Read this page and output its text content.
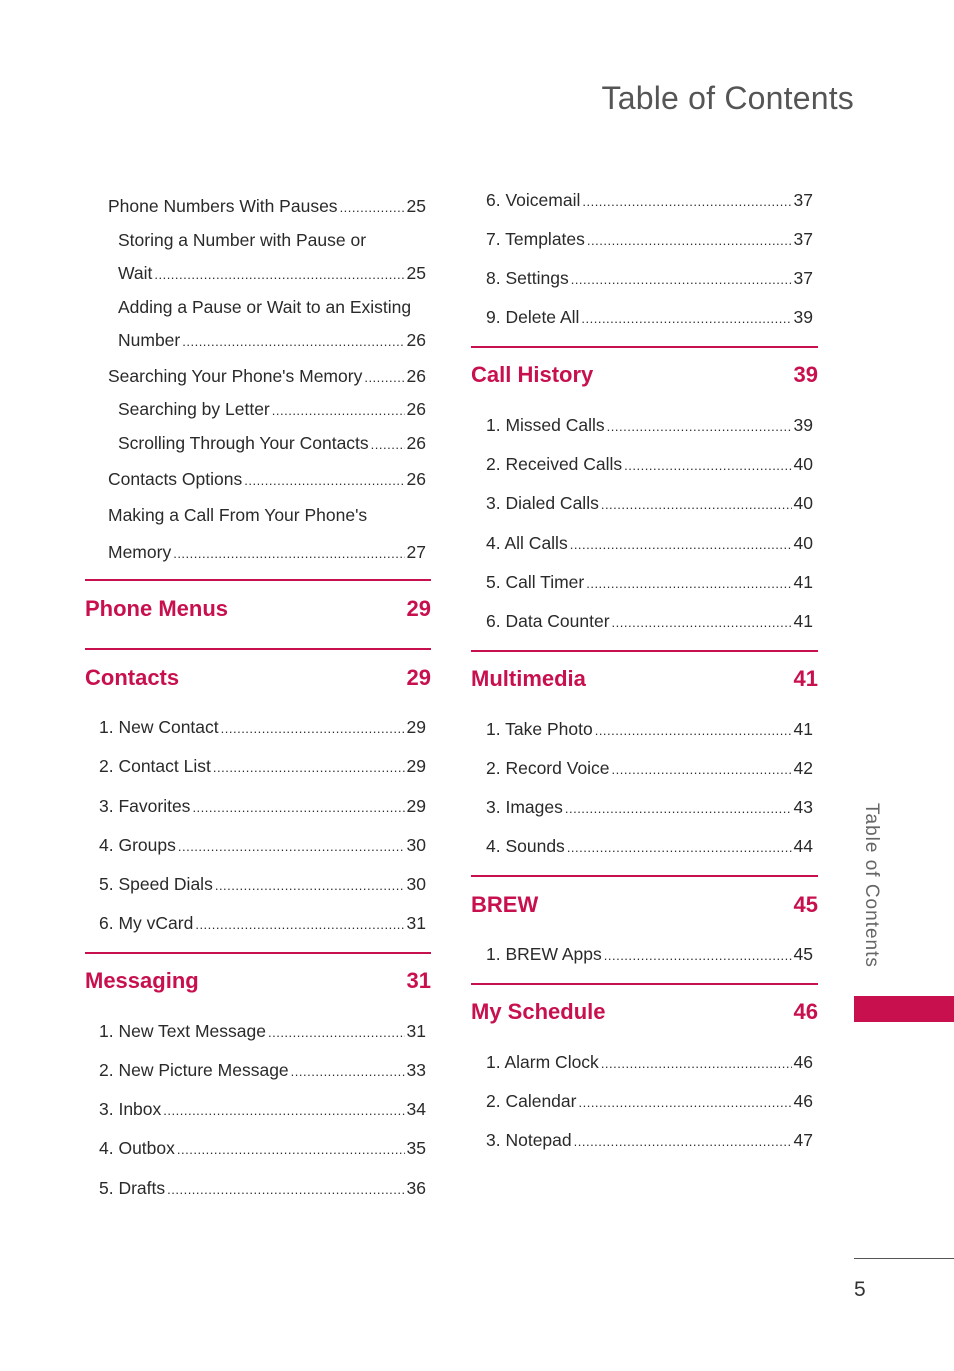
Table of Contents
Phone Numbers With Pauses .....	25
Storing a Number with Pause or
Wait .....	25
Adding a Pause or Wait to an Existing
Number .....	26
Searching Your Phone's Memory .....	26
Searching by Letter .....	26
Scrolling Through Your Contacts ..... 26
Contacts Options .....	26
Making a Call From Your Phone's
Memory .....	27
Phone Menus	29
Contacts	29
1. New Contact .....	29
2. Contact List .....	29
3. Favorites .....	29
4. Groups .....	30
5. Speed Dials .....	30
6. My vCard .....	31
Messaging	31
1. New Text Message .....	31
2. New Picture Message .....	33
3. Inbox .....	34
4. Outbox .....	35
5. Drafts .....	36
6. Voicemail .....	37
7. Templates .....	37
8. Settings .....	37
9. Delete All .....	39
Call History	39
1. Missed Calls .....	39
2. Received Calls .....	40
3. Dialed Calls .....	40
4. All Calls .....	40
5. Call Timer .....	41
6. Data Counter .....	41
Multimedia	41
1. Take Photo .....	41
2. Record Voice .....	42
3. Images .....	43
4. Sounds .....	44
BREW	45
1. BREW Apps .....	45
My Schedule	46
1. Alarm Clock .....	46
2. Calendar .....	46
3. Notepad .....	47
Table of Contents
5
